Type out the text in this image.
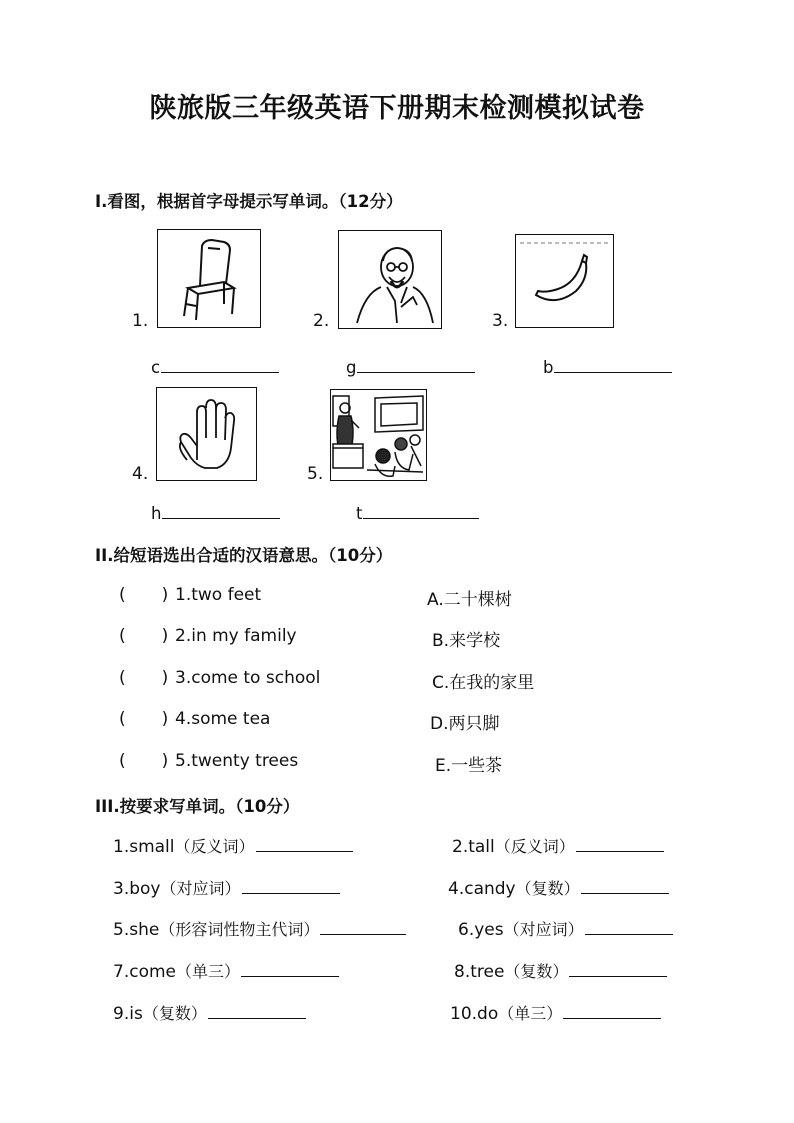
陕旅版三年级英语下册期末检测模拟试卷
I.看图，根据首字母提示写单词。（12分）
1.
c
2.
g
3.
b
4.
h
5.
t
II.给短语选出合适的汉语意思。（10分）
( ) 1.two feet	A.二十棵树
( ) 2.in my family	B.来学校
( ) 3.come to school	C.在我的家里
( ) 4.some tea	D.两只脚
( ) 5.twenty trees	E.一些茶
III.按要求写单词。（10分）
1.small（反义词）	2.tall（反义词）
3.boy（对应词）	4.candy（复数）
5.she（形容词性物主代词）	6.yes（对应词）
7.come（单三）	8.tree（复数）
9.is（复数）	10.do（单三）
